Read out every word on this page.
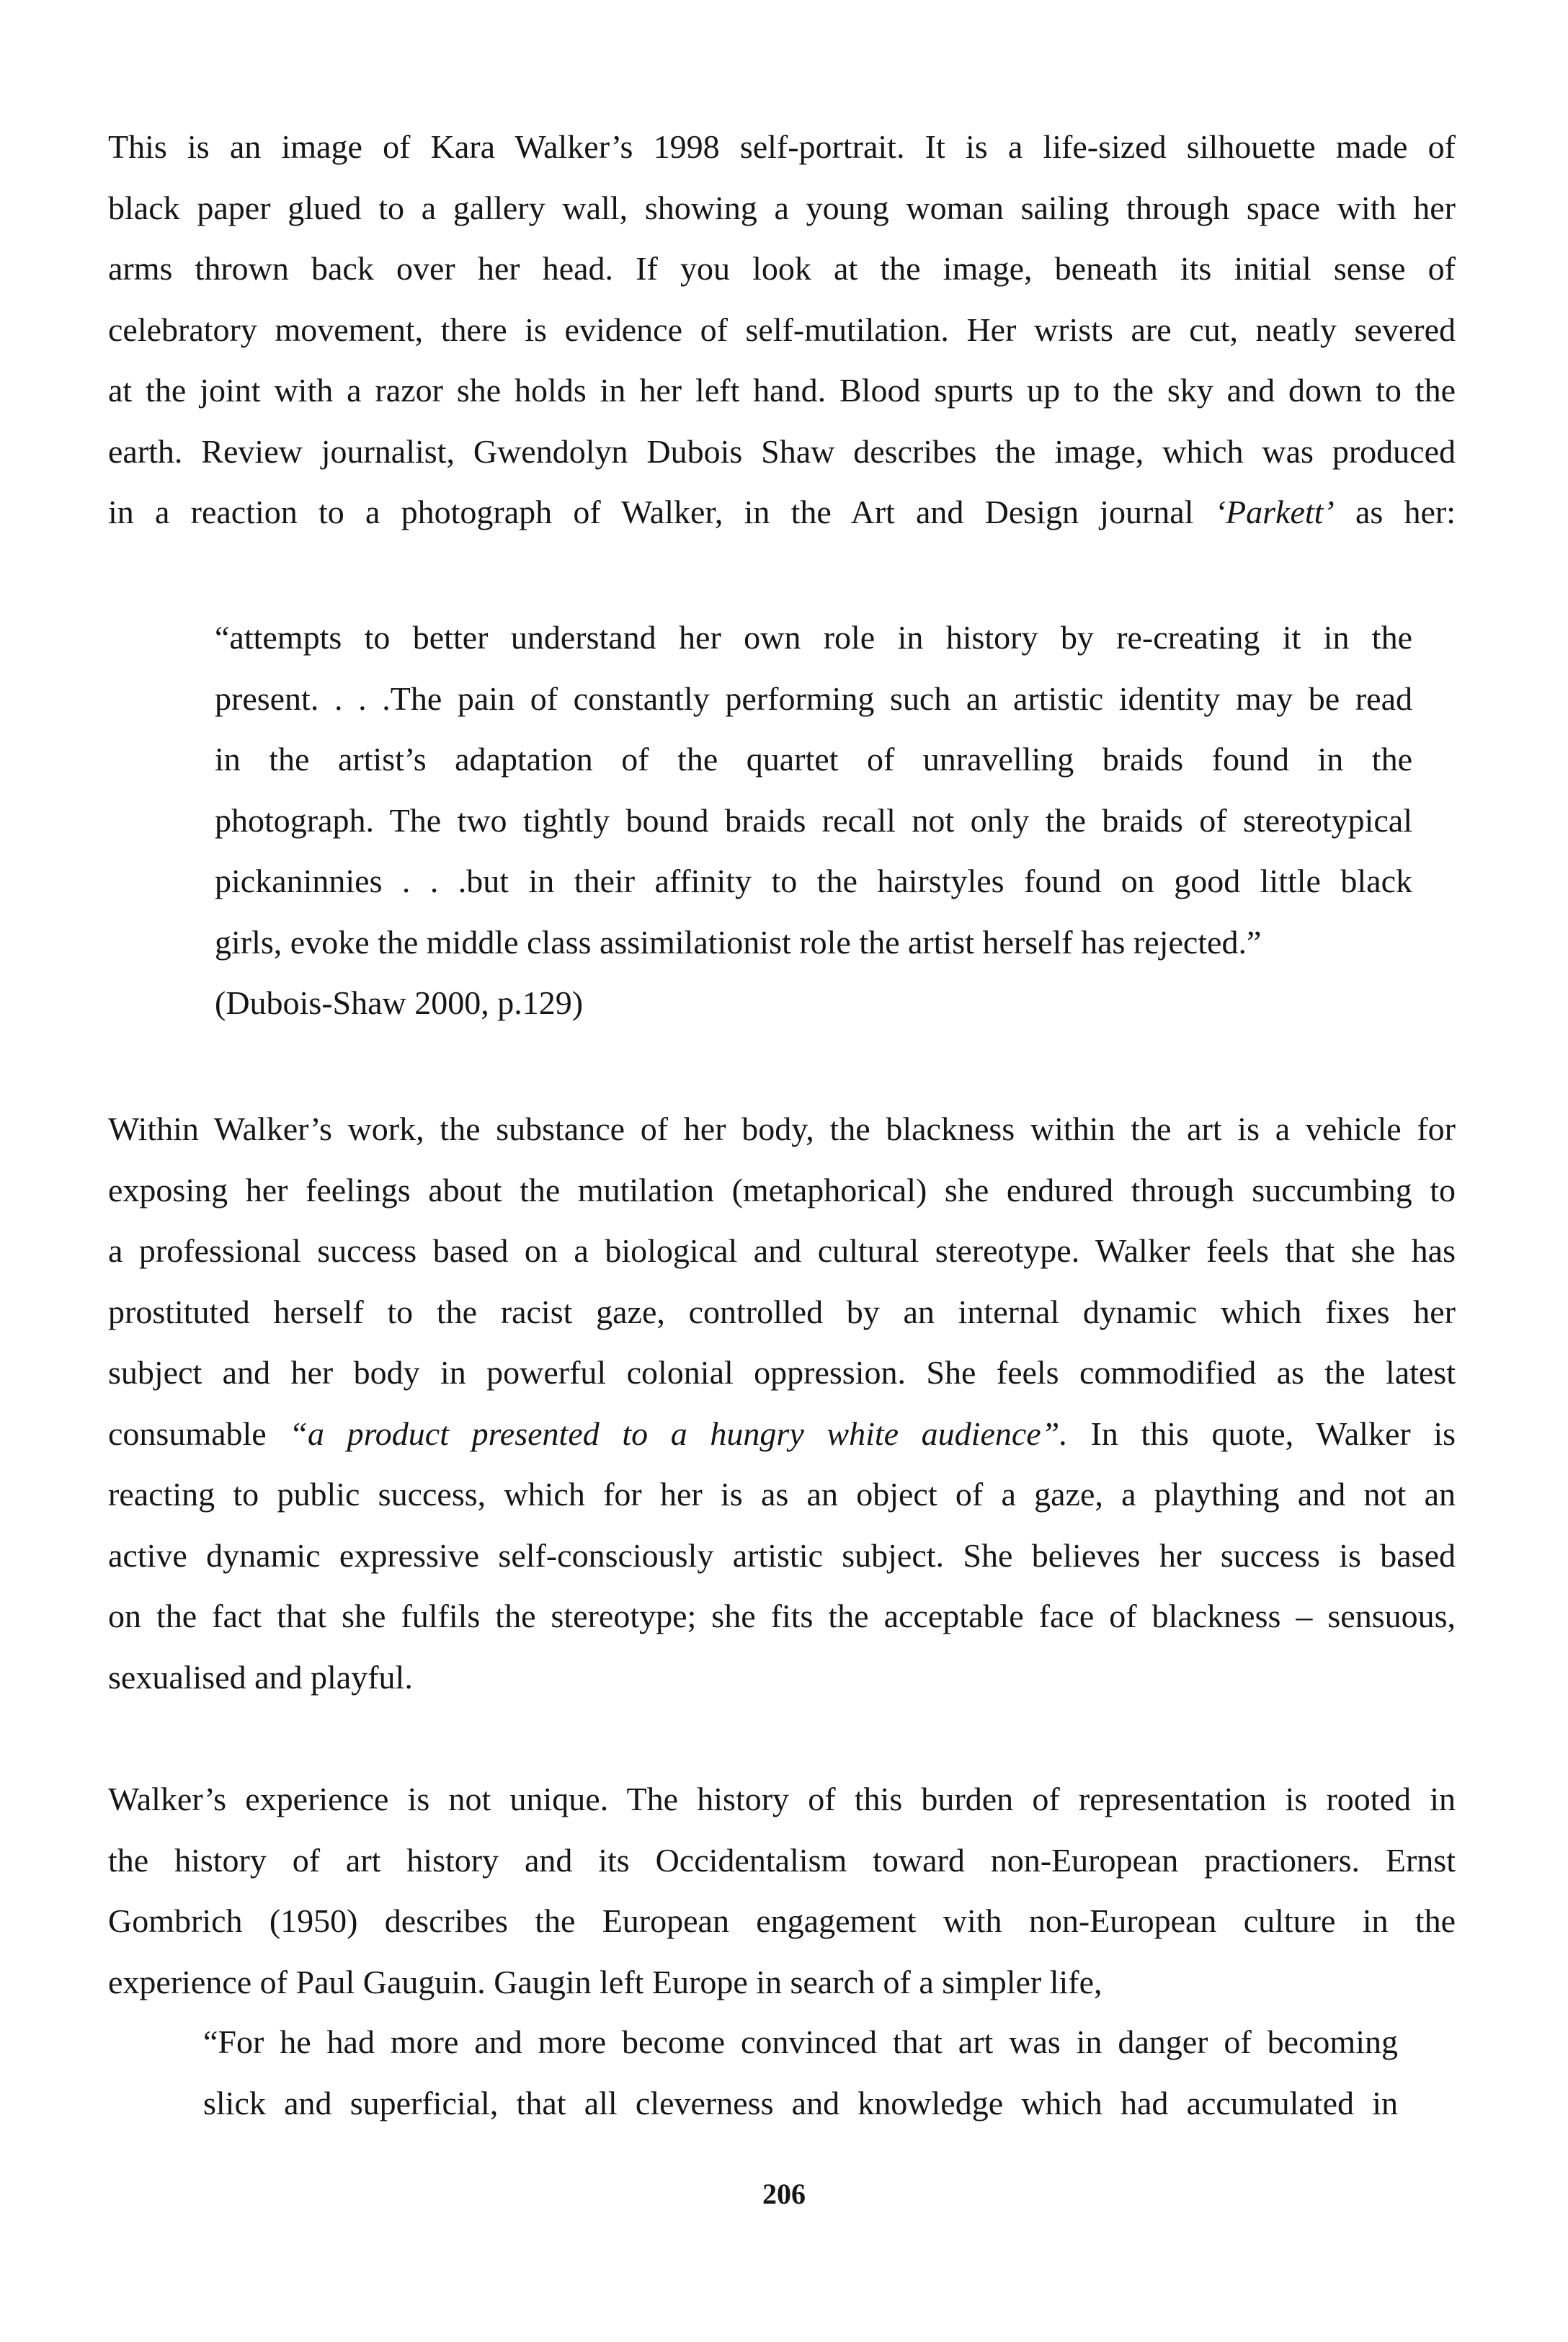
This is an image of Kara Walker’s 1998 self-portrait. It is a life-sized silhouette made of
black paper glued to a gallery wall, showing a young woman sailing through space with her
arms thrown back over her head. If you look at the image, beneath its initial sense of
celebratory movement, there is evidence of self-mutilation. Her wrists are cut, neatly severed
at the joint with a razor she holds in her left hand. Blood spurts up to the sky and down to the
earth. Review journalist, Gwendolyn Dubois Shaw describes the image, which was produced
in a reaction to a photograph of Walker, in the Art and Design journal ‘Parkett’ as her:
“attempts to better understand her own role in history by re-creating it in the
present. . . .The pain of constantly performing such an artistic identity may be read
in the artist’s adaptation of the quartet of unravelling braids found in the
photograph. The two tightly bound braids recall not only the braids of stereotypical
pickaninnies . . .but in their affinity to the hairstyles found on good little black
girls, evoke the middle class assimilationist role the artist herself has rejected.”
(Dubois-Shaw 2000, p.129)
Within Walker’s work, the substance of her body, the blackness within the art is a vehicle for
exposing her feelings about the mutilation (metaphorical) she endured through succumbing to
a professional success based on a biological and cultural stereotype. Walker feels that she has
prostituted herself to the racist gaze, controlled by an internal dynamic which fixes her
subject and her body in powerful colonial oppression. She feels commodified as the latest
consumable “a product presented to a hungry white audience”. In this quote, Walker is
reacting to public success, which for her is as an object of a gaze, a plaything and not an
active dynamic expressive self-consciously artistic subject. She believes her success is based
on the fact that she fulfils the stereotype; she fits the acceptable face of blackness – sensuous,
sexualised and playful.
Walker’s experience is not unique. The history of this burden of representation is rooted in
the history of art history and its Occidentalism toward non-European practioners. Ernst
Gombrich (1950) describes the European engagement with non-European culture in the
experience of Paul Gauguin. Gaugin left Europe in search of a simpler life,
“For he had more and more become convinced that art was in danger of becoming
slick and superficial, that all cleverness and knowledge which had accumulated in
206
